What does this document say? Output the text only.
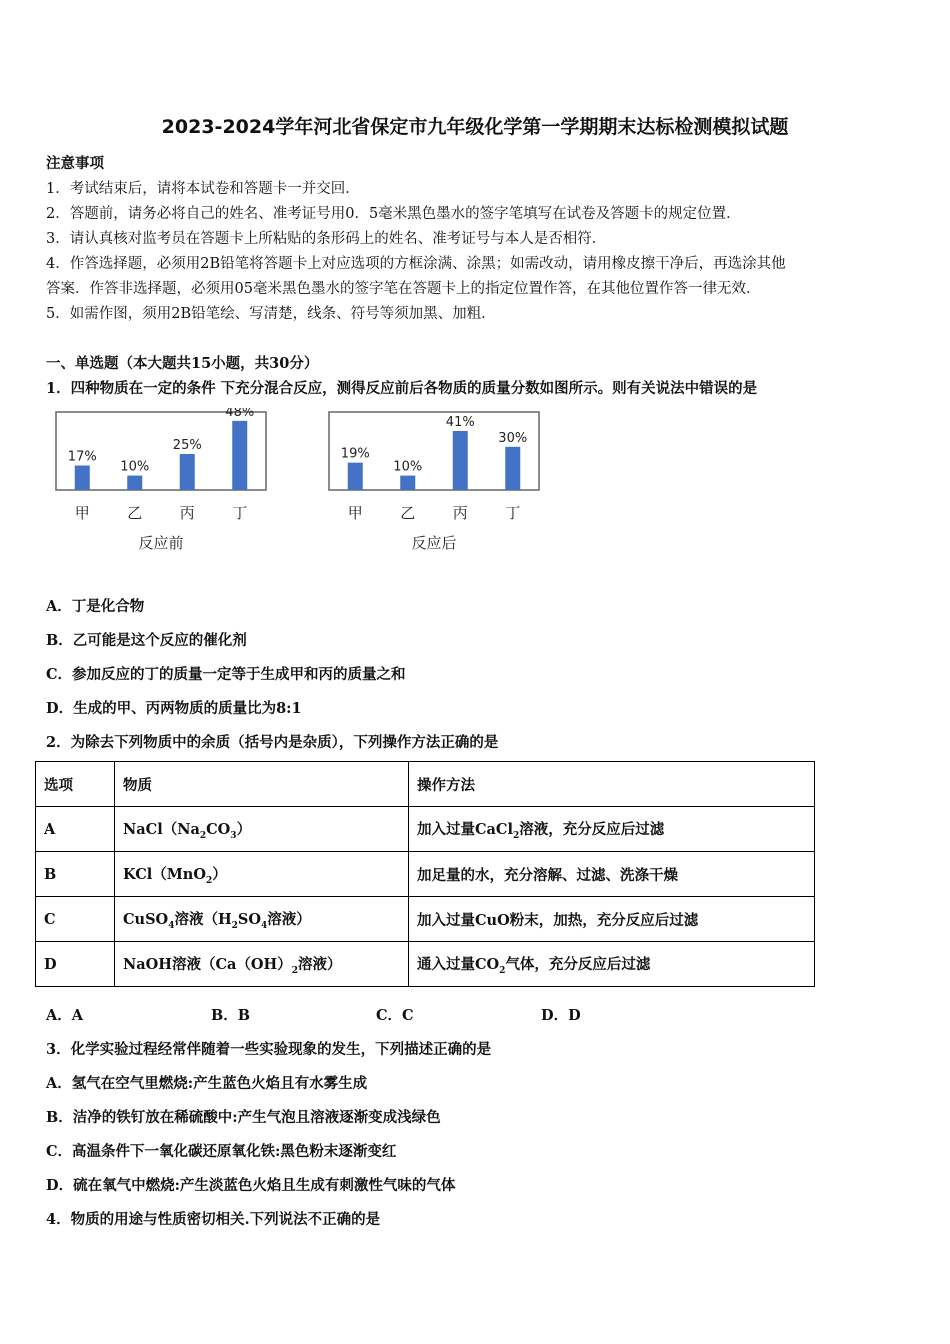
2023-2024学年河北省保定市九年级化学第一学期期末达标检测模拟试题
注意事项
1．考试结束后，请将本试卷和答题卡一并交回．
2．答题前，请务必将自己的姓名、准考证号用0．5毫米黑色墨水的签字笔填写在试卷及答题卡的规定位置．
3．请认真核对监考员在答题卡上所粘贴的条形码上的姓名、准考证号与本人是否相符．
4．作答选择题，必须用2B铅笔将答题卡上对应选项的方框涂满、涂黑；如需改动，请用橡皮擦干净后，再选涂其他
答案．作答非选择题，必须用05毫米黑色墨水的签字笔在答题卡上的指定位置作答，在其他位置作答一律无效．
5．如需作图，须用2B铅笔绘、写清楚，线条、符号等须加黑、加粗．
一、单选题（本大题共15小题，共30分）
1．四种物质在一定的条件 下充分混合反应，测得反应前后各物质的质量分数如图所示。则有关说法中错误的是
17%
甲
10%
乙
25%
丙
48%
丁
反应前
19%
甲
10%
乙
41%
丙
30%
丁
反应后
A．丁是化合物
B．乙可能是这个反应的催化剂
C．参加反应的丁的质量一定等于生成甲和丙的质量之和
D．生成的甲、丙两物质的质量比为8:1
2．为除去下列物质中的余质（括号内是杂质），下列操作方法正确的是
选项	物质	操作方法
A	$NaCl(Na_2CO_3)$	加入过量CaCl$_2$溶液，充分反应后过滤
B	KCl（MnO$_2$）	加足量的水，充分溶解、过滤、洗涤干燥
C	CuSO$_4$溶液（$H_2SO_4$溶液）	加入过量CuO粉末，加热，充分反应后过滤
D	NaOH溶液（$Ca(OH)_2$溶液）	通入过量$CO_2$气体，充分反应后过滤
A．A	B．B	C．C	D．D
3．化学实验过程经常伴随着一些实验现象的发生，下列描述正确的是
A．氢气在空气里燃烧:产生蓝色火焰且有水雾生成
B．洁净的铁钉放在稀硫酸中:产生气泡且溶液逐渐变成浅绿色
C．高温条件下一氧化碳还原氧化铁:黑色粉末逐渐变红
D．硫在氧气中燃烧:产生淡蓝色火焰且生成有刺激性气味的气体
4．物质的用途与性质密切相关.下列说法不正确的是
